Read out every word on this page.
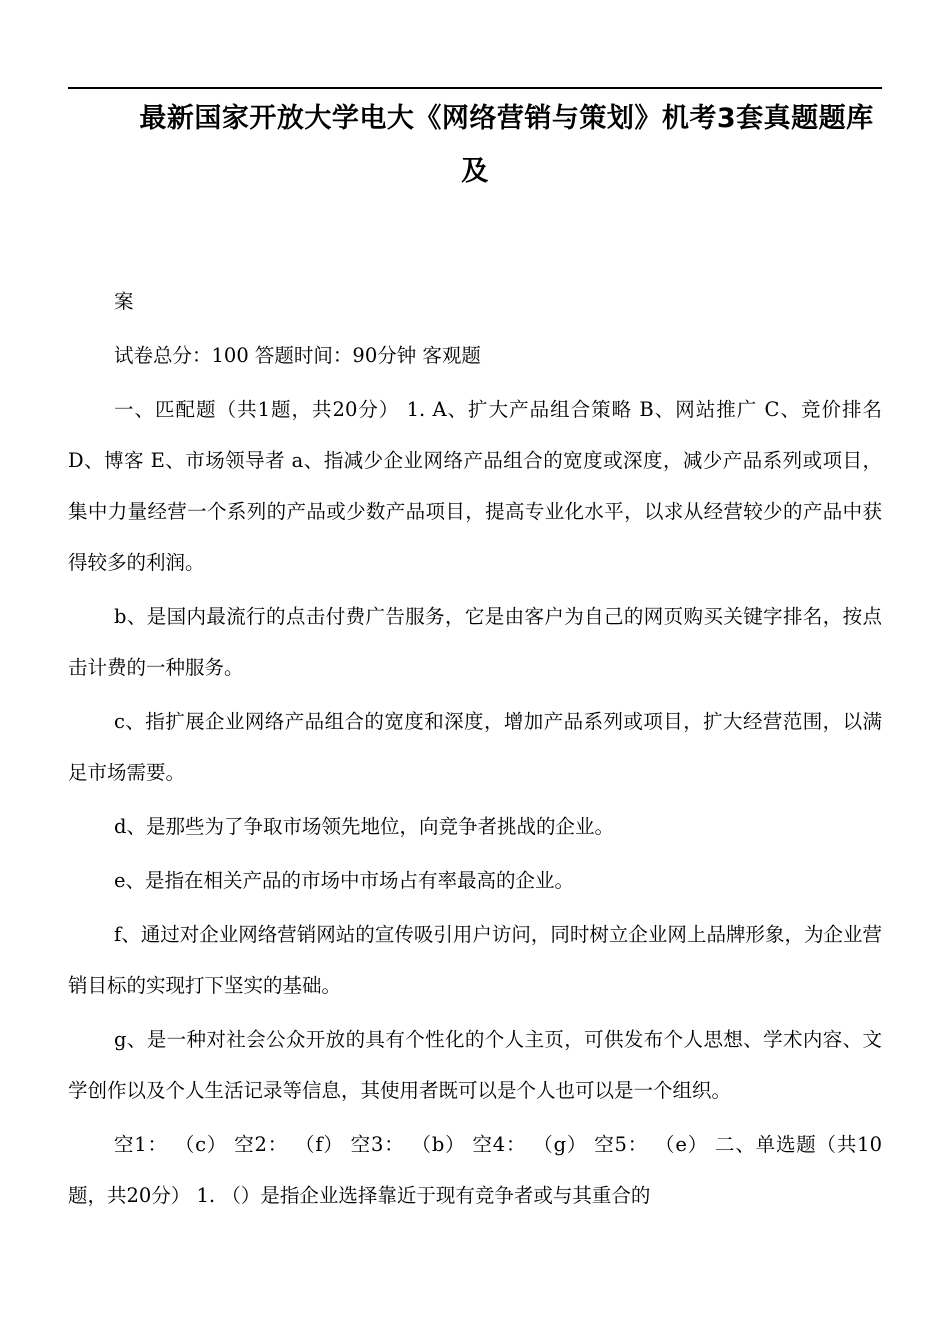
最新国家开放大学电大《网络营销与策划》机考3套真题题库及

案

试卷总分：100 答题时间：90分钟 客观题

一、匹配题（共1题，共20分） 1. A、扩大产品组合策略 B、网站推广 C、竞价排名 D、博客 E、市场领导者 a、指减少企业网络产品组合的宽度或深度，减少产品系列或项目，集中力量经营一个系列的产品或少数产品项目，提高专业化水平，以求从经营较少的产品中获得较多的利润。

b、是国内最流行的点击付费广告服务，它是由客户为自己的网页购买关键字排名，按点击计费的一种服务。

c、指扩展企业网络产品组合的宽度和深度，增加产品系列或项目，扩大经营范围，以满足市场需要。

d、是那些为了争取市场领先地位，向竞争者挑战的企业。

e、是指在相关产品的市场中市场占有率最高的企业。

f、通过对企业网络营销网站的宣传吸引用户访问，同时树立企业网上品牌形象，为企业营销目标的实现打下坚实的基础。

g、是一种对社会公众开放的具有个性化的个人主页，可供发布个人思想、学术内容、文学创作以及个人生活记录等信息，其使用者既可以是个人也可以是一个组织。

空1： （c） 空2： （f） 空3： （b） 空4： （g） 空5： （e） 二、单选题（共10题，共20分） 1. （）是指企业选择靠近于现有竞争者或与其重合的
